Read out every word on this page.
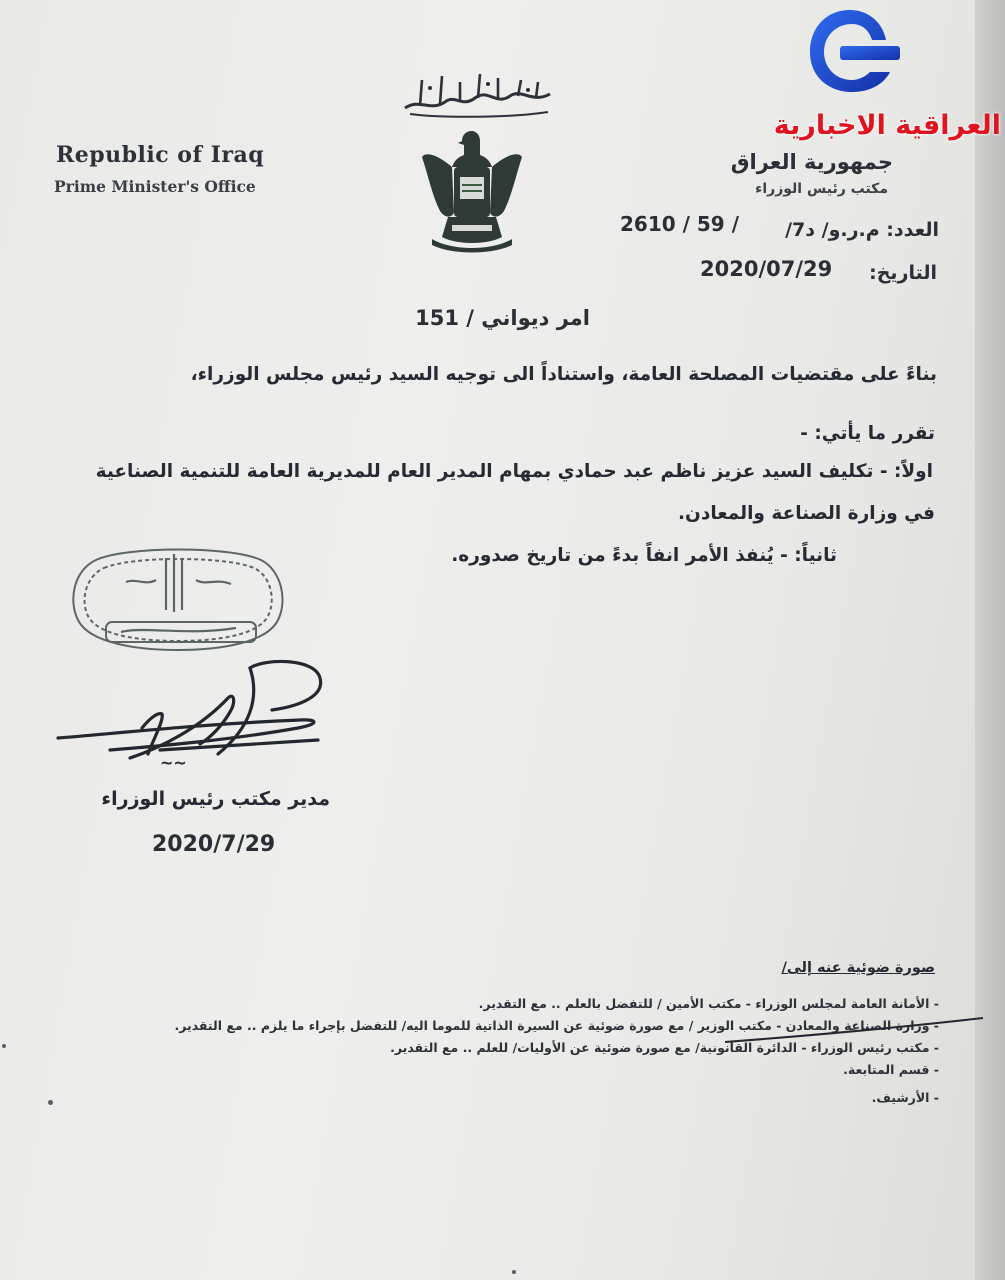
العراقية الاخبارية
Republic of Iraq
Prime Minister's Office
جمهورية العراق
مكتب رئيس الوزراء
العدد: م.ر.و/ د7/
2610 / 59 /
التاريخ:
2020/07/29
امر ديواني / 151
بناءً على مقتضيات المصلحة العامة، واستناداً الى توجيه السيد رئيس مجلس الوزراء،
تقرر ما يأتي: -
اولاً: - تكليف السيد عزيز ناظم عبد حمادي بمهام المدير العام للمديرية العامة للتنمية الصناعية
في وزارة الصناعة والمعادن.
ثانياً: - يُنفذ الأمر انفاً بدءً من تاريخ صدوره.
~~
مدير مكتب رئيس الوزراء
2020/7/29
صورة ضوئية عنه إلى/
- الأمانة العامة لمجلس الوزراء - مكتب الأمين / للتفضل بالعلم .. مع التقدير.
- وزارة الصناعة والمعادن - مكتب الوزير / مع صورة ضوئية عن السيرة الذاتية للموما اليه/ للتفضل بإجراء ما يلزم .. مع التقدير.
- مكتب رئيس الوزراء - الدائرة القانونية/ مع صورة ضوئية عن الأوليات/ للعلم .. مع التقدير.
- قسم المتابعة.
- الأرشيف.
